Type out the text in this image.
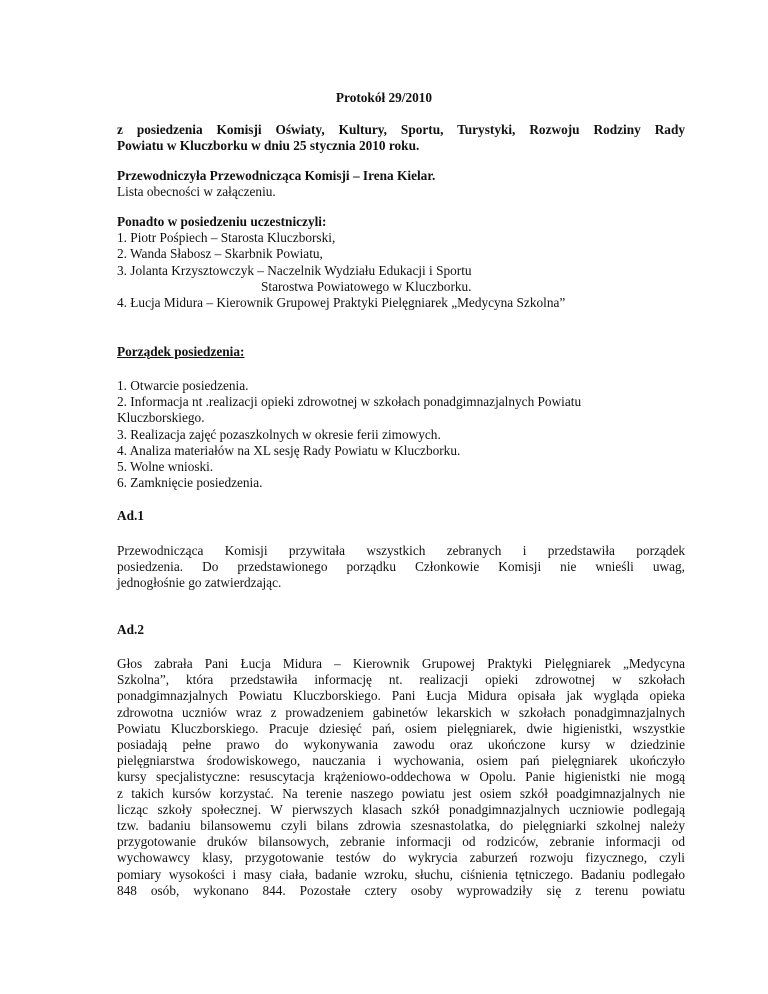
Protokół 29/2010
z posiedzenia Komisji Oświaty, Kultury, Sportu, Turystyki, Rozwoju Rodziny Rady
Powiatu w Kluczborku w dniu 25 stycznia 2010 roku.
Przewodniczyła Przewodnicząca Komisji – Irena Kielar.
Lista obecności w załączeniu.
Ponadto w posiedzeniu uczestniczyli:
1. Piotr Pośpiech – Starosta Kluczborski,
2. Wanda Słabosz – Skarbnik Powiatu,
3. Jolanta Krzysztowczyk – Naczelnik Wydziału Edukacji i Sportu
Starostwa Powiatowego w Kluczborku.
4. Łucja Midura – Kierownik Grupowej Praktyki Pielęgniarek „Medycyna Szkolna”
Porządek posiedzenia:
1. Otwarcie posiedzenia.
2. Informacja nt .realizacji opieki zdrowotnej w szkołach ponadgimnazjalnych Powiatu
Kluczborskiego.
3. Realizacja zajęć pozaszkolnych w okresie ferii zimowych.
4. Analiza materiałów na XL sesję Rady Powiatu w Kluczborku.
5. Wolne wnioski.
6. Zamknięcie posiedzenia.
Ad.1
Przewodnicząca Komisji przywitała wszystkich zebranych i przedstawiła porządek
posiedzenia. Do przedstawionego porządku Członkowie Komisji nie wnieśli uwag,
jednogłośnie go zatwierdzając.
Ad.2
Głos zabrała Pani Łucja Midura – Kierownik Grupowej Praktyki Pielęgniarek „Medycyna
Szkolna”, która przedstawiła informację nt. realizacji opieki zdrowotnej w szkołach
ponadgimnazjalnych Powiatu Kluczborskiego. Pani Łucja Midura opisała jak wygląda opieka
zdrowotna uczniów wraz z prowadzeniem gabinetów lekarskich w szkołach ponadgimnazjalnych
Powiatu Kluczborskiego. Pracuje dziesięć pań, osiem pielęgniarek, dwie higienistki, wszystkie
posiadają pełne prawo do wykonywania zawodu oraz ukończone kursy w dziedzinie
pielęgniarstwa środowiskowego, nauczania i wychowania, osiem pań pielęgniarek ukończyło
kursy specjalistyczne: resuscytacja krążeniowo-oddechowa w Opolu. Panie higienistki nie mogą
z takich kursów korzystać. Na terenie naszego powiatu jest osiem szkół poadgimnazjalnych nie
licząc szkoły społecznej. W pierwszych klasach szkół ponadgimnazjalnych uczniowie podlegają
tzw. badaniu bilansowemu czyli bilans zdrowia szesnastolatka, do pielęgniarki szkolnej należy
przygotowanie druków bilansowych, zebranie informacji od rodziców, zebranie informacji od
wychowawcy klasy, przygotowanie testów do wykrycia zaburzeń rozwoju fizycznego, czyli
pomiary wysokości i masy ciała, badanie wzroku, słuchu, ciśnienia tętniczego. Badaniu podlegało
848 osób, wykonano 844. Pozostałe cztery osoby wyprowadziły się z terenu powiatu
